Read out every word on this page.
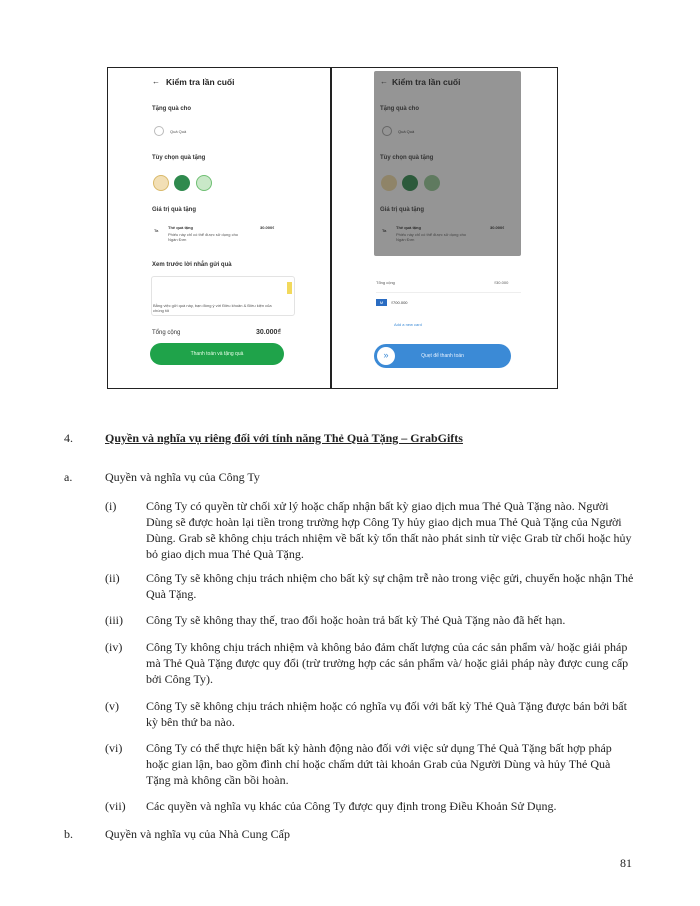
← Kiểm tra lần cuối
Tặng quà cho
Quả Quả
Tùy chọn quà tặng
Giá trị quà tặng
Ta
Thẻ quà tặng	30.000₫
Phiếu này chỉ có thể được sử dụng cho Ngàn Đơn
Xem trước lời nhắn gửi quà
Bằng việc gửi quà này, bạn đồng ý với Điều khoản & Điều kiện của chúng tôi
Tổng cộng	30.000₫
Thanh toán và tặng quà
← Kiểm tra lần cuối
Tặng quà cho
Quả Quả
Tùy chọn quà tặng
Giá trị quà tặng
Ta
Thẻ quà tặng	30.000₫
Phiếu này chỉ có thể được sử dụng cho Ngàn Đơn
Tổng cộng	₫30.000
M	₫700.000
Add a new card
»	Quẹt để thanh toán
4.	Quyền và nghĩa vụ riêng đối với tính năng Thẻ Quà Tặng – GrabGifts
a.	Quyền và nghĩa vụ của Công Ty
(i) Công Ty có quyền từ chối xử lý hoặc chấp nhận bất kỳ giao dịch mua Thẻ Quà Tặng nào. Người Dùng sẽ được hoàn lại tiền trong trường hợp Công Ty hủy giao dịch mua Thẻ Quà Tặng của Người Dùng. Grab sẽ không chịu trách nhiệm về bất kỳ tổn thất nào phát sinh từ việc Grab từ chối hoặc hủy bỏ giao dịch mua Thẻ Quà Tặng.
(ii) Công Ty sẽ không chịu trách nhiệm cho bất kỳ sự chậm trễ nào trong việc gửi, chuyển hoặc nhận Thẻ Quà Tặng.
(iii) Công Ty sẽ không thay thế, trao đổi hoặc hoàn trả bất kỳ Thẻ Quà Tặng nào đã hết hạn.
(iv) Công Ty không chịu trách nhiệm và không bảo đảm chất lượng của các sản phẩm và/ hoặc giải pháp mà Thẻ Quà Tặng được quy đổi (trừ trường hợp các sản phẩm và/ hoặc giải pháp này được cung cấp bởi Công Ty).
(v) Công Ty sẽ không chịu trách nhiệm hoặc có nghĩa vụ đối với bất kỳ Thẻ Quà Tặng được bán bởi bất kỳ bên thứ ba nào.
(vi) Công Ty có thể thực hiện bất kỳ hành động nào đối với việc sử dụng Thẻ Quà Tặng bất hợp pháp hoặc gian lận, bao gồm đình chỉ hoặc chấm dứt tài khoản Grab của Người Dùng và hủy Thẻ Quà Tặng mà không cần bồi hoàn.
(vii) Các quyền và nghĩa vụ khác của Công Ty được quy định trong Điều Khoản Sử Dụng.
b.	Quyền và nghĩa vụ của Nhà Cung Cấp
81
